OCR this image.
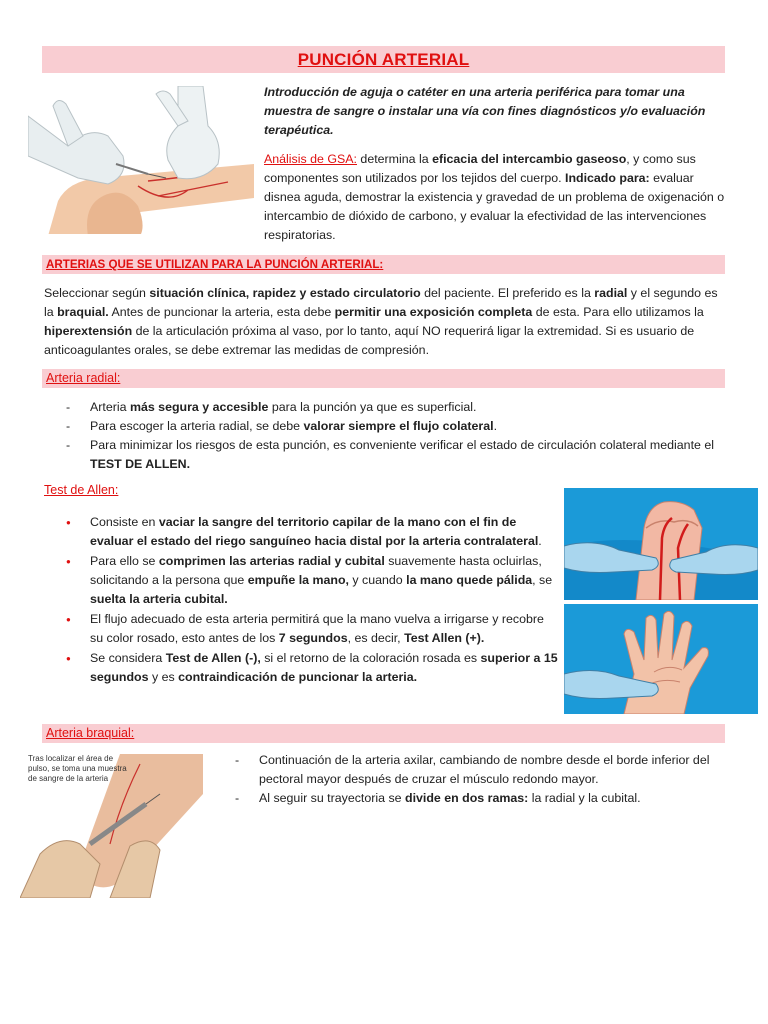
PUNCIÓN ARTERIAL
Introducción de aguja o catéter en una arteria periférica para tomar una muestra de sangre o instalar una vía con fines diagnósticos y/o evaluación terapéutica.
Análisis de GSA: determina la eficacia del intercambio gaseoso, y como sus componentes son utilizados por los tejidos del cuerpo. Indicado para: evaluar disnea aguda, demostrar la existencia y gravedad de un problema de oxigenación o intercambio de dióxido de carbono, y evaluar la efectividad de las intervenciones respiratorias.
ARTERIAS QUE SE UTILIZAN PARA LA PUNCIÓN ARTERIAL:
Seleccionar según situación clínica, rapidez y estado circulatorio del paciente. El preferido es la radial y el segundo es la braquial. Antes de puncionar la arteria, esta debe permitir una exposición completa de esta. Para ello utilizamos la hiperextensión de la articulación próxima al vaso, por lo tanto, aquí NO requerirá ligar la extremidad. Si es usuario de anticoagulantes orales, se debe extremar las medidas de compresión.
Arteria radial:
- Arteria más segura y accesible para la punción ya que es superficial.
- Para escoger la arteria radial, se debe valorar siempre el flujo colateral.
- Para minimizar los riesgos de esta punción, es conveniente verificar el estado de circulación colateral mediante el TEST DE ALLEN.
Test de Allen:
● Consiste en vaciar la sangre del territorio capilar de la mano con el fin de evaluar el estado del riego sanguíneo hacia distal por la arteria contralateral.
● Para ello se comprimen las arterias radial y cubital suavemente hasta ocluirlas, solicitando a la persona que empuñe la mano, y cuando la mano quede pálida, se suelta la arteria cubital.
● El flujo adecuado de esta arteria permitirá que la mano vuelva a irrigarse y recobre su color rosado, esto antes de los 7 segundos, es decir, Test Allen (+).
● Se considera Test de Allen (-), si el retorno de la coloración rosada es superior a 15 segundos y es contraindicación de puncionar la arteria.
Arteria braquial:
Tras localizar el área de pulso, se toma una muestra de sangre de la arteria
- Continuación de la arteria axilar, cambiando de nombre desde el borde inferior del pectoral mayor después de cruzar el músculo redondo mayor.
- Al seguir su trayectoria se divide en dos ramas: la radial y la cubital.
